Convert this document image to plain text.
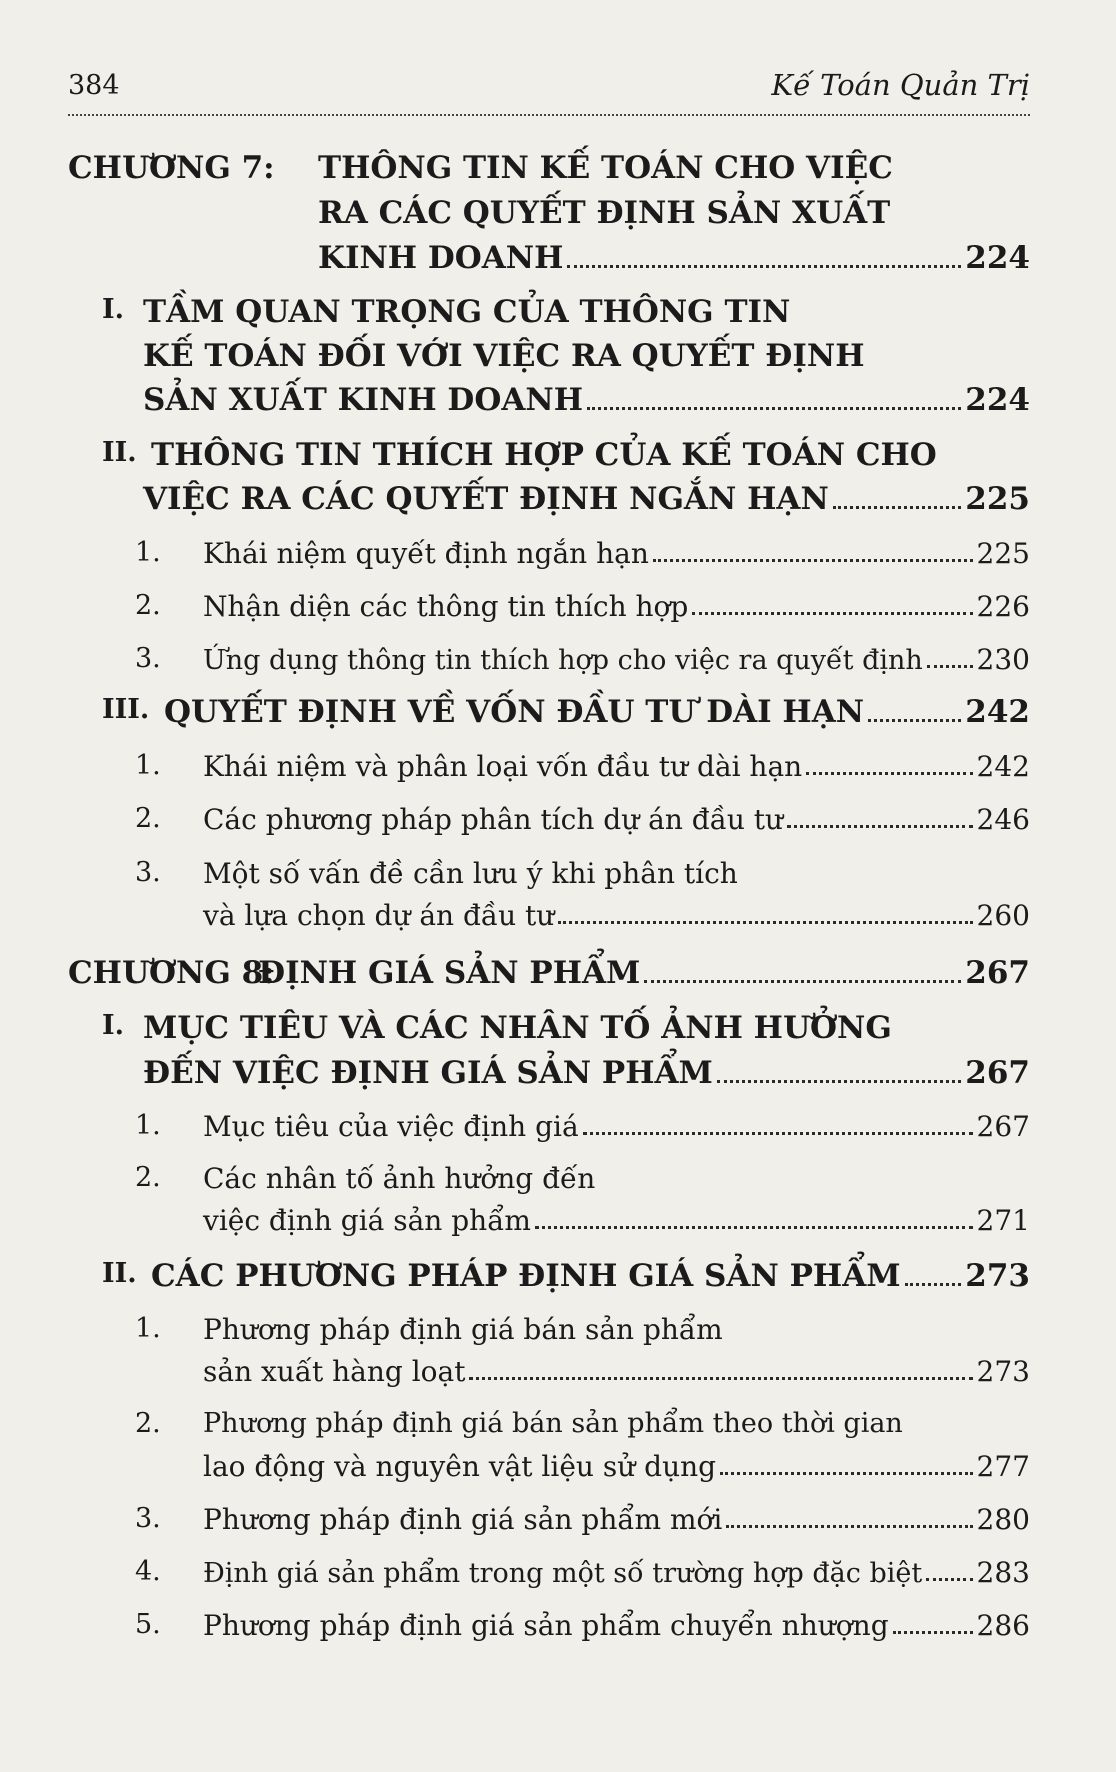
384	Kế Toán Quản Trị
CHƯƠNG 7: THÔNG TIN KẾ TOÁN CHO VIỆC
RA CÁC QUYẾT ĐỊNH SẢN XUẤT
KINH DOANH	224
I. TẦM QUAN TRỌNG CỦA THÔNG TIN
KẾ TOÁN ĐỐI VỚI VIỆC RA QUYẾT ĐỊNH
SẢN XUẤT KINH DOANH	224
II. THÔNG TIN THÍCH HỢP CỦA KẾ TOÁN CHO
VIỆC RA CÁC QUYẾT ĐỊNH NGẮN HẠN	225
1. Khái niệm quyết định ngắn hạn	225
2. Nhận diện các thông tin thích hợp	226
3. Ứng dụng thông tin thích hợp cho việc ra quyết định 230
III. QUYẾT ĐỊNH VỀ VỐN ĐẦU TƯ DÀI HẠN	242
1. Khái niệm và phân loại vốn đầu tư dài hạn	242
2. Các phương pháp phân tích dự án đầu tư	246
3. Một số vấn đề cần lưu ý khi phân tích
và lựa chọn dự án đầu tư	260
CHƯƠNG 8:
ĐỊNH GIÁ SẢN PHẨM	267
I. MỤC TIÊU VÀ CÁC NHÂN TỐ ẢNH HƯỞNG
ĐẾN VIỆC ĐỊNH GIÁ SẢN PHẨM	267
1. Mục tiêu của việc định giá	267
2. Các nhân tố ảnh hưởng đến
việc định giá sản phẩm	271
II. CÁC PHƯƠNG PHÁP ĐỊNH GIÁ SẢN PHẨM 273
1. Phương pháp định giá bán sản phẩm
sản xuất hàng loạt	273
2. Phương pháp định giá bán sản phẩm theo thời gian
lao động và nguyên vật liệu sử dụng	277
3. Phương pháp định giá sản phẩm mới	280
4. Định giá sản phẩm trong một số trường hợp đặc biệt 283
5. Phương pháp định giá sản phẩm chuyển nhượng	286
